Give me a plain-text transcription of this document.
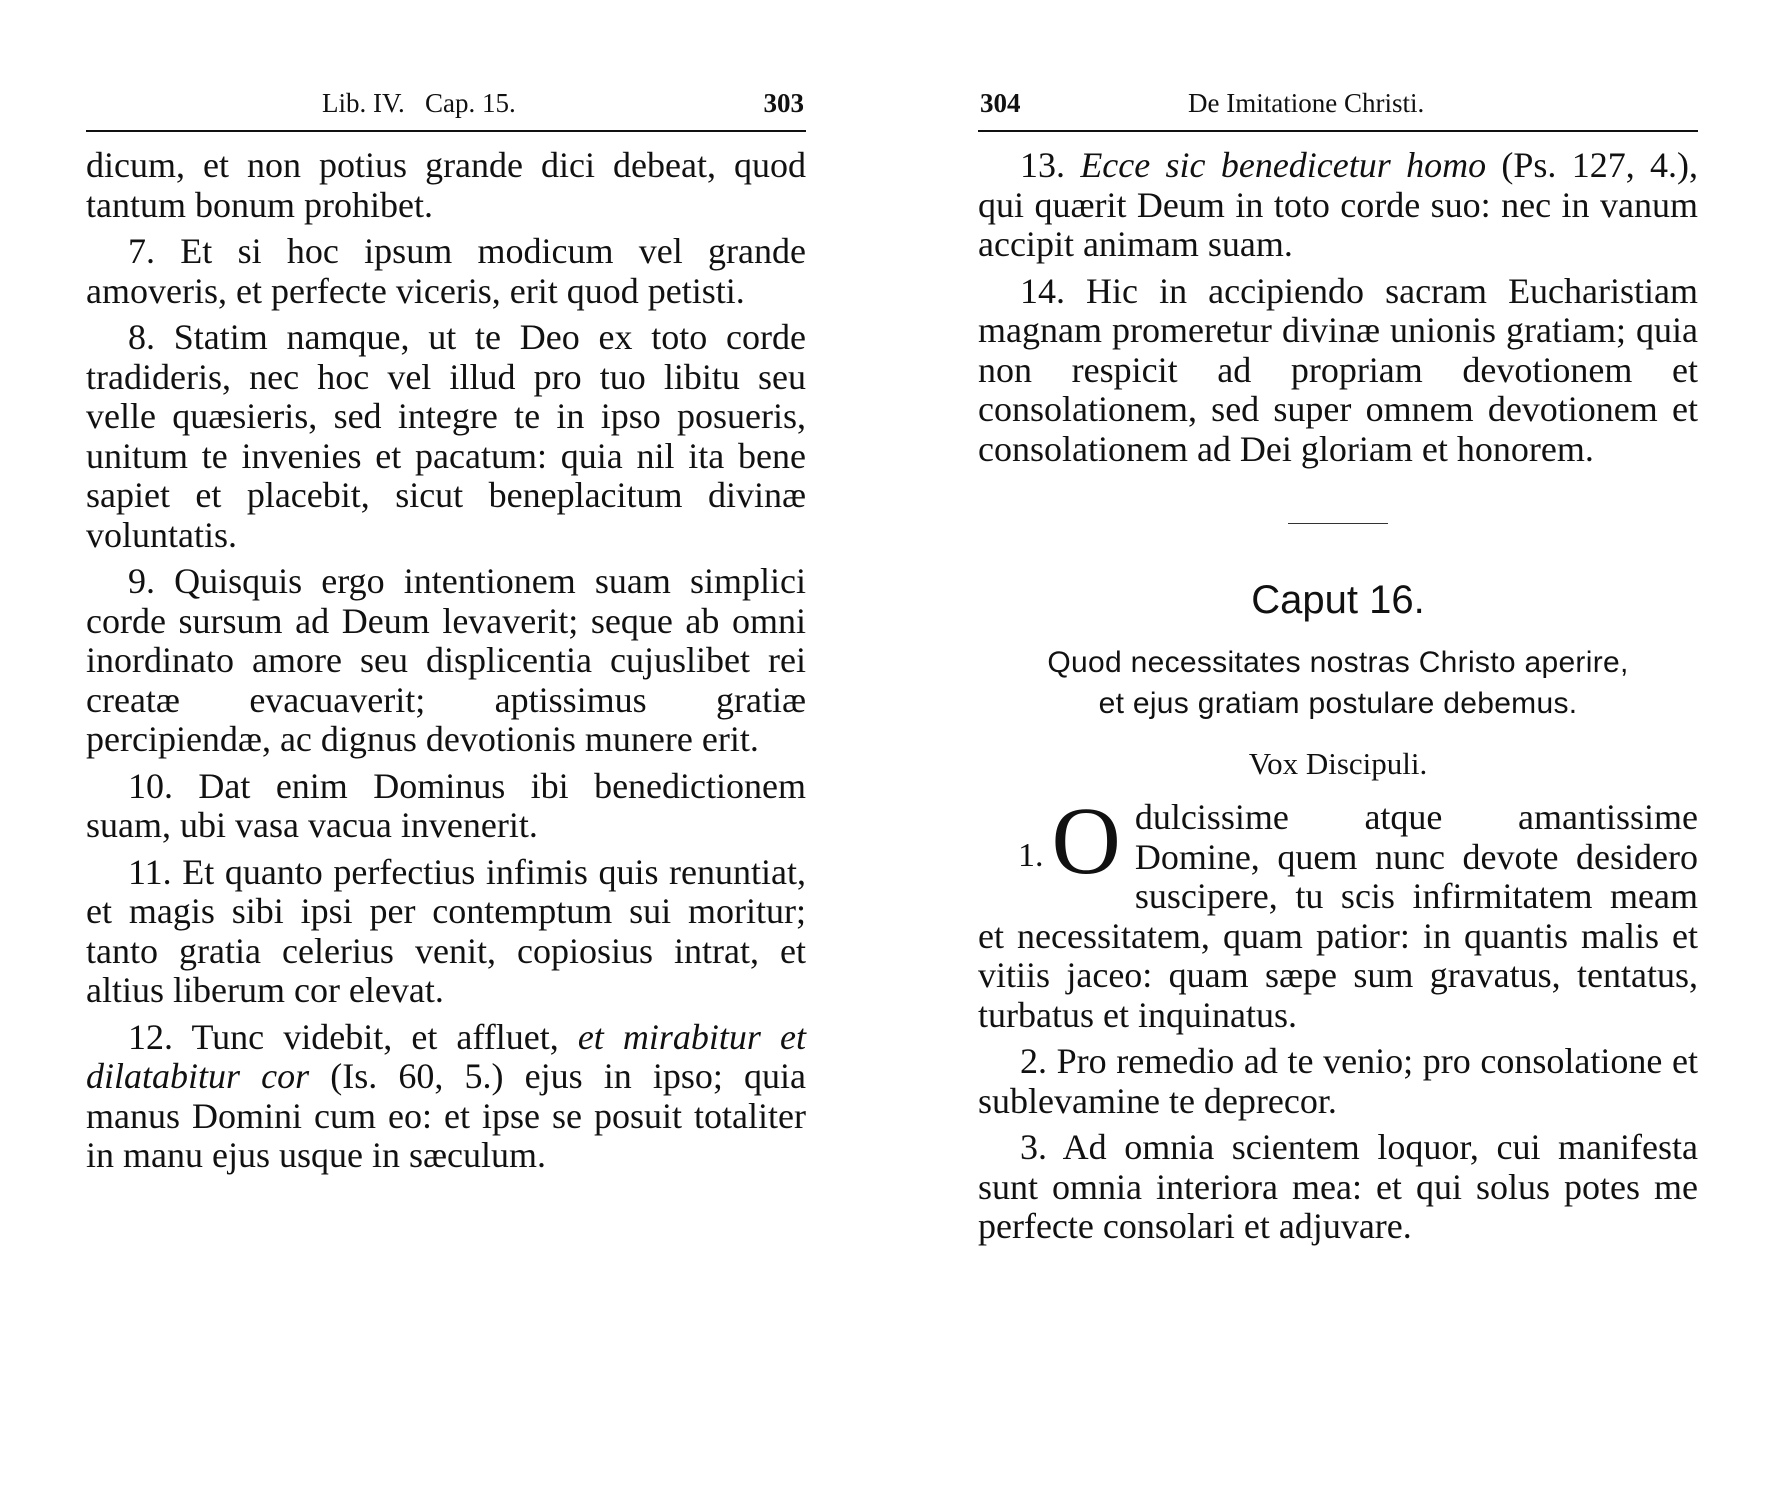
Lib. IV.   Cap. 15.	303

dicum, et non potius grande dici debeat, quod tantum bonum prohibet.

7. Et si hoc ipsum modicum vel grande amoveris, et perfecte viceris, erit quod petisti.

8. Statim namque, ut te Deo ex toto corde tradideris, nec hoc vel illud pro tuo libitu seu velle quæsieris, sed integre te in ipso posueris, unitum te invenies et pacatum: quia nil ita bene sapiet et placebit, sicut beneplacitum divinæ voluntatis.

9. Quisquis ergo intentionem suam simplici corde sursum ad Deum levaverit; seque ab omni inordinato amore seu displicentia cujuslibet rei creatæ evacuaverit; aptissimus gratiæ percipiendæ, ac dignus devotionis munere erit.

10. Dat enim Dominus ibi benedictionem suam, ubi vasa vacua invenerit.

11. Et quanto perfectius infimis quis renuntiat, et magis sibi ipsi per contemptum sui moritur; tanto gratia celerius venit, copiosius intrat, et altius liberum cor elevat.

12. Tunc videbit, et affluet, et mirabitur et dilatabitur cor (Is. 60, 5.) ejus in ipso; quia manus Domini cum eo: et ipse se posuit totaliter in manu ejus usque in sæculum.

304	De Imitatione Christi.

13. Ecce sic benedicetur homo (Ps. 127, 4.), qui quærit Deum in toto corde suo: nec in vanum accipit animam suam.

14. Hic in accipiendo sacram Eucharistiam magnam promeretur divinæ unionis gratiam; quia non respicit ad propriam devotionem et consolationem, sed super omnem devotionem et consolationem ad Dei gloriam et honorem.

Caput 16.
Quod necessitates nostras Christo aperire,
et ejus gratiam postulare debemus.
Vox Discipuli.
1. O dulcissime atque amantissime Domine, quem nunc devote desidero suscipere, tu scis infirmitatem meam et necessitatem, quam patior: in quantis malis et vitiis jaceo: quam sæpe sum gravatus, tentatus, turbatus et inquinatus.

2. Pro remedio ad te venio; pro consolatione et sublevamine te deprecor.

3. Ad omnia scientem loquor, cui manifesta sunt omnia interiora mea: et qui solus potes me perfecte consolari et adjuvare.
